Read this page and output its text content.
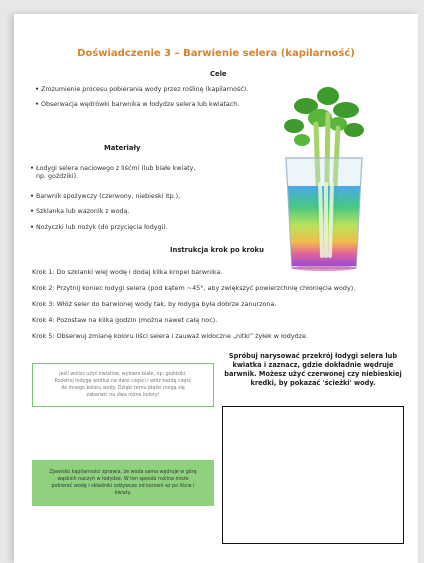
Doświadczenie 3 – Barwienie selera (kapilarność)
Cele
• Zrozumienie procesu pobierania wody przez roślinę (kapilarność).
• Obserwacja wędrówki barwnika w łodydze selera lub kwiatach.
Materiały
• Łodygi selera naciowego z liśćmi (lub białe kwiaty,
np. goździki).
• Barwnik spożywczy (czerwony, niebieski itp.),
• Szklanka lub wazonik z wodą.
• Nożyczki lub nożyk (do przycięcia łodygi).
Instrukcja krok po kroku
Krok 1: Do szklanki wlej wodę i dodaj kilka kropel barwnika.
Krok 2: Przytnij koniec łodygi selera (pod kątem ~45°, aby zwiększyć powierzchnię chłonięcia wody).
Krok 3: Włóż seler do barwionej wody tak, by łodyga była dobrze zanurzona.
Krok 4: Pozostaw na kilka godzin (można nawet całą noc).
Krok 5: Obserwuj zmianę koloru liści selera i zauważ widoczne „nitki” żyłek w łodydze.
Jeśli wolisz użyć kwiatów, wybierz białe, np. goździki.
Rozetnij łodygę wzdłuż na dwie części i włóż każdą część
do innego koloru wody. Dzięki temu płatki mogą się
zabarwić na dwa różne kolory!
Zjawisko kapilarności sprawia, że woda sama wędruje w górę
wąskich naczyń w łodydze. W ten sposób roślina może
pobierać wodę i składniki odżywcze od korzeni aż po liście i
kwiaty.
Spróbuj narysować przekrój łodygi selera lub
kwiatka i zaznacz, gdzie dokładnie wędruje
barwnik. Możesz użyć czerwonej czy niebieskiej
kredki, by pokazać 'ścieżki' wody.
